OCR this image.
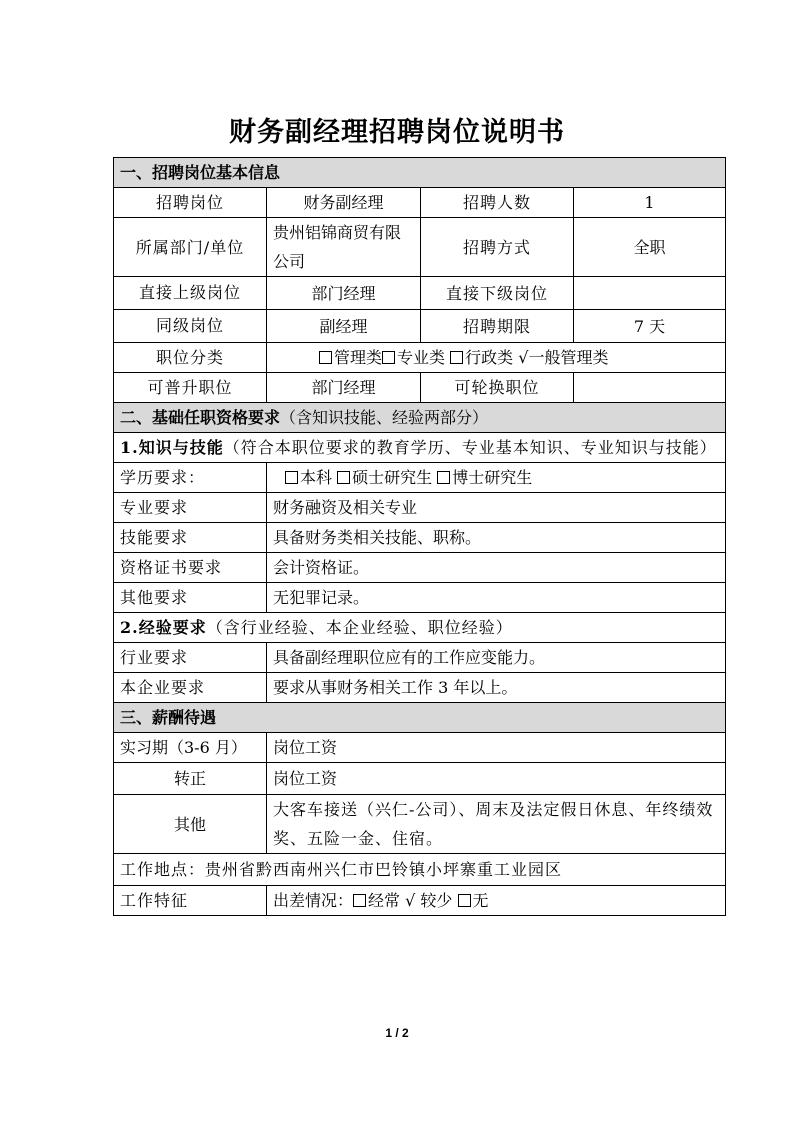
财务副经理招聘岗位说明书
一、招聘岗位基本信息			
招聘岗位	财务副经理	招聘人数	1
所属部门/单位	贵州铝锦商贸有限公司	招聘方式	全职
直接上级岗位	部门经理	直接下级岗位	
同级岗位	副经理	招聘期限	7 天
职位分类	管理类 专业类 行政类 √一般管理类		
可普升职位	部门经理	可轮换职位	
二、基础任职资格要求（含知识技能、经验两部分）			
1.知识与技能（符合本职位要求的教育学历、专业基本知识、专业知识与技能）			
学历要求：	本科 硕士研究生 博士研究生		
专业要求	财务融资及相关专业		
技能要求	具备财务类相关技能、职称。		
资格证书要求	会计资格证。		
其他要求	无犯罪记录。		
2.经验要求（含行业经验、本企业经验、职位经验）			
行业要求	具备副经理职位应有的工作应变能力。		
本企业要求	要求从事财务相关工作 3 年以上。		
三、薪酬待遇			
实习期（3-6 月）	岗位工资		
转正	岗位工资		
其他	大客车接送（兴仁-公司）、周末及法定假日休息、年终绩效奖、五险一金、住宿。		
工作地点：贵州省黔西南州兴仁市巴铃镇小坪寨重工业园区			
工作特征	出差情况： 经常 √ 较少 无		
1 / 2
